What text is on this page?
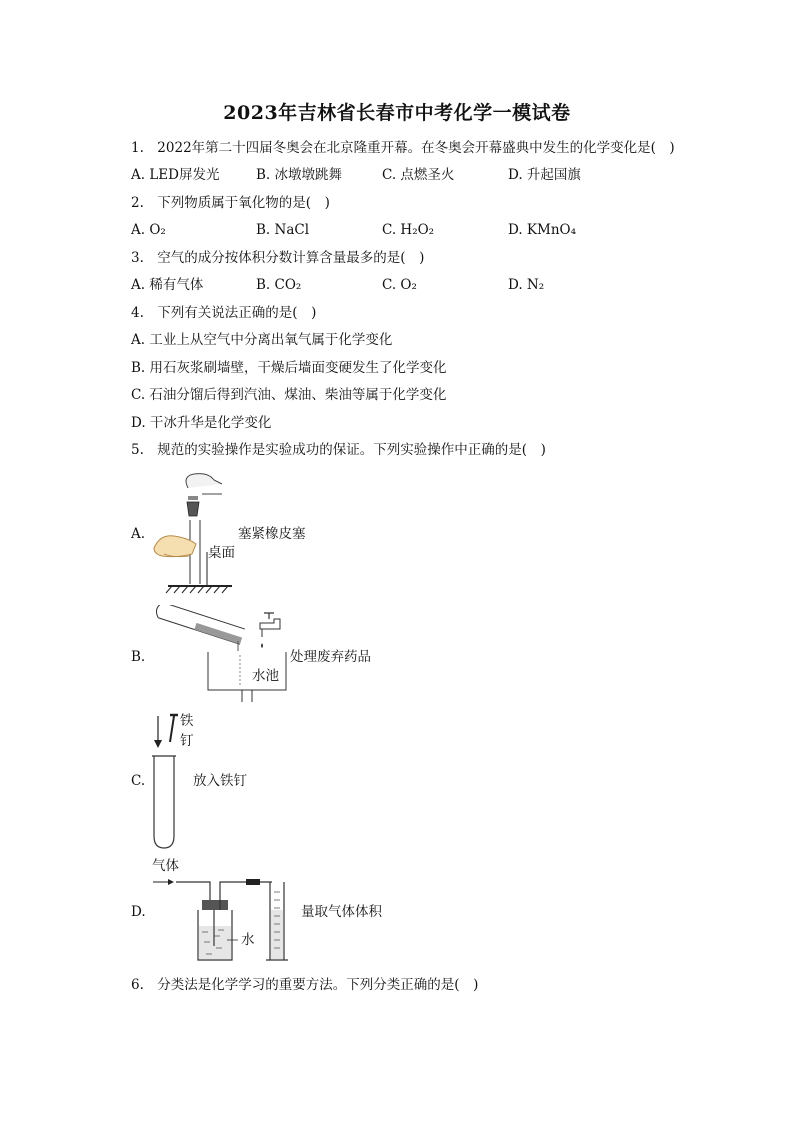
2023年吉林省长春市中考化学一模试卷
1. 2022年第二十四届冬奥会在北京隆重开幕。在冬奥会开幕盛典中发生的化学变化是(　)
A. LED屏发光	B. 冰墩墩跳舞	C. 点燃圣火	D. 升起国旗
2. 下列物质属于氧化物的是(　)
A. O₂	B. NaCl	C. H₂O₂	D. KMnO₄
3. 空气的成分按体积分数计算含量最多的是(　)
A. 稀有气体	B. CO₂	C. O₂	D. N₂
4. 下列有关说法正确的是(　)
A. 工业上从空气中分离出氧气属于化学变化
B. 用石灰浆刷墙壁，干燥后墙面变硬发生了化学变化
C. 石油分馏后得到汽油、煤油、柴油等属于化学变化
D. 干冰升华是化学变化
5. 规范的实验操作是实验成功的保证。下列实验操作中正确的是(　)
A.	塞紧橡皮塞
桌面
B.	处理废弃药品
水池
C.
铁
钉
放入铁钉
D.
气体
水
量取气体体积
6. 分类法是化学学习的重要方法。下列分类正确的是(　)
